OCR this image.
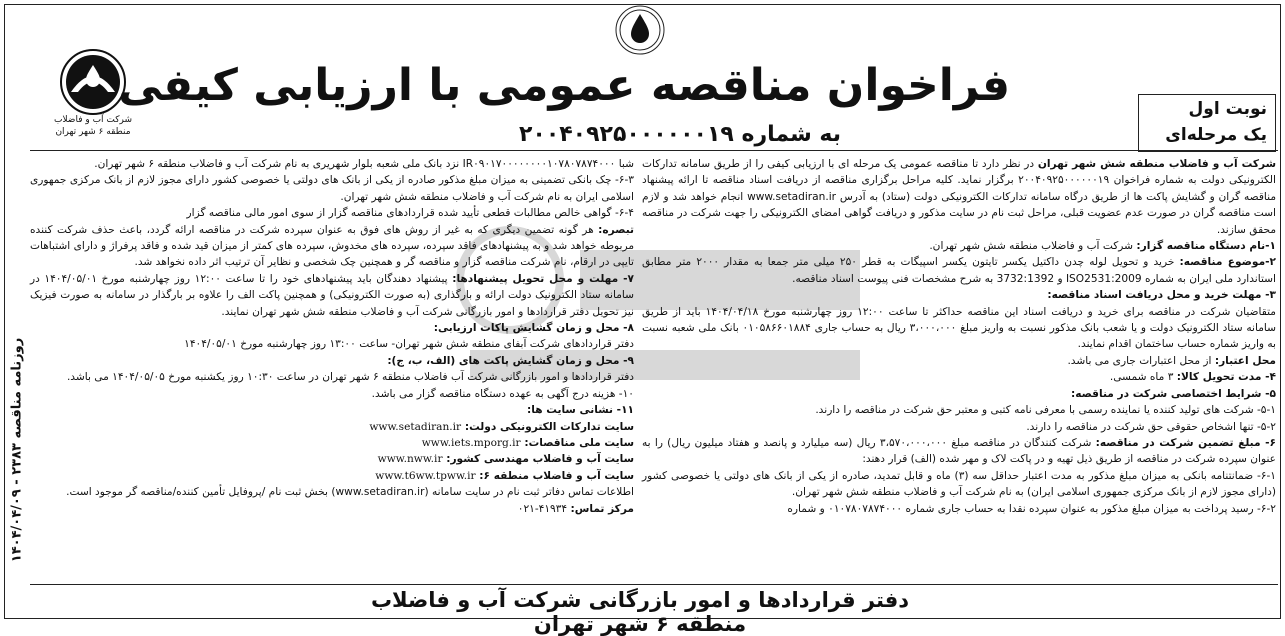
شرکت آب و فاضلاب
منطقه ۶ شهر تهران
فراخوان مناقصه عمومی با ارزیابی کیفی
به شماره ۲۰۰۴۰۹۲۵۰۰۰۰۰۰۱۹
نوبت اول
یک مرحله‌ای

شرکت آب و فاضلاب منطقه شش شهر تهران در نظر دارد تا مناقصه عمومی یک مرحله ای با ارزیابی کیفی را از طریق سامانه تدارکات الکترونیکی دولت به شماره فراخوان ۲۰۰۴۰۹۲۵۰۰۰۰۰۰۱۹ برگزار نماید. کلیه مراحل برگزاری مناقصه از دریافت اسناد مناقصه تا ارائه پیشنهاد مناقصه گران و گشایش پاکت ها از طریق درگاه سامانه تدارکات الکترونیکی دولت (ستاد) به آدرس www.setadiran.ir انجام خواهد شد و لازم است مناقصه گران در صورت عدم عضویت قبلی، مراحل ثبت نام در سایت مذکور و دریافت گواهی امضای الکترونیکی را جهت شرکت در مناقصه محقق سازند.

۱-نام دستگاه مناقصه گزار: شرکت آب و فاضلاب منطقه شش شهر تهران.

۲-موضوع مناقصه: خرید و تحویل لوله چدن داکتیل یکسر تایتون یکسر اسپیگات به قطر ۲۵۰ میلی متر جمعا به مقدار ۲۰۰۰ متر مطابق استاندارد ملی ایران به شماره ISO2531:2009 و 3732:1392 به شرح مشخصات فنی پیوست اسناد مناقصه.

۳- مهلت خرید و محل دریافت اسناد مناقصه:

متقاضیان شرکت در مناقصه برای خرید و دریافت اسناد این مناقصه حداکثر تا ساعت ۱۲:۰۰ روز چهارشنبه مورخ ۱۴۰۴/۰۴/۱۸ باید از طریق سامانه ستاد الکترونیک دولت و یا شعب بانک مذکور نسبت به واریز مبلغ ۳،۰۰۰،۰۰۰ ریال به حساب جاری ۰۱۰۵۸۶۶۰۱۸۸۴ بانک ملی شعبه نسبت به واریز شماره حساب ساختمان اقدام نمایند.

محل اعتبار: از محل اعتبارات جاری می باشد.

۴- مدت تحویل کالا: ۳ ماه شمسی.

۵- شرایط اختصاصی شرکت در مناقصه:

۵-۱- شرکت های تولید کننده یا نماینده رسمی با معرفی نامه کتبی و معتبر حق شرکت در مناقصه را دارند.

۵-۲- تنها اشخاص حقوقی حق شرکت در مناقصه را دارند.

۶- مبلغ تضمین شرکت در مناقصه: شرکت کنندگان در مناقصه مبلغ ۳،۵۷۰،۰۰۰،۰۰۰ ریال (سه میلیارد و پانصد و هفتاد میلیون ریال) را به عنوان سپرده شرکت در مناقصه از طریق ذیل تهیه و در پاکت لاک و مهر شده (الف) قرار دهند:

۶-۱- ضمانتنامه بانکی به میزان مبلغ مذکور به مدت اعتبار حداقل سه (۳) ماه و قابل تمدید، صادره از یکی از بانک های دولتی یا خصوصی کشور (دارای مجوز لازم از بانک مرکزی جمهوری اسلامی ایران) به نام شرکت آب و فاضلاب منطقه شش شهر تهران.

۶-۲- رسید پرداخت به میزان مبلغ مذکور به عنوان سپرده نقدا به حساب جاری شماره ۰۱۰۷۸۰۷۸۷۴۰۰۰ و شماره

شبا IR۰۹۰۱۷۰۰۰۰۰۰۰۰۱۰۷۸۰۷۸۷۴۰۰۰ نزد بانک ملی شعبه بلوار شهریری به نام شرکت آب و فاضلاب منطقه ۶ شهر تهران.

۶-۳- چک بانکی تضمینی به میزان مبلغ مذکور صادره از یکی از بانک های دولتی یا خصوصی کشور دارای مجوز لازم از بانک مرکزی جمهوری اسلامی ایران به نام شرکت آب و فاضلاب منطقه شش شهر تهران.

۶-۴- گواهی خالص مطالبات قطعی تأیید شده قراردادهای مناقصه گزار از سوی امور مالی مناقصه گزار

تبصره: هر گونه تضمین دیگری که به غیر از روش های فوق به عنوان سپرده شرکت در مناقصه ارائه گردد، باعث حذف شرکت کننده مربوطه خواهد شد و به پیشنهادهای فاقد سپرده، سپرده های مخدوش، سپرده های کمتر از میزان قید شده و فاقد پرفراژ و دارای اشتباهات تایپی در ارقام، نام شرکت مناقصه گزار و مناقصه گر و همچنین چک شخصی و نظایر آن ترتیب اثر داده نخواهد شد.

۷- مهلت و محل تحویل پیشنهادها: پیشنهاد دهندگان باید پیشنهادهای خود را تا ساعت ۱۲:۰۰ روز چهارشنبه مورخ ۱۴۰۴/۰۵/۰۱ در سامانه ستاد الکترونیک دولت ارائه و بارگذاری (به صورت الکترونیکی) و همچنین پاکت الف را علاوه بر بارگذار در سامانه به صورت فیزیک نیز تحویل دفتر قراردادها و امور بازرگانی شرکت آب و فاضلاب منطقه شش شهر تهران نمایند.

۸- محل و زمان گشایش پاکات ارزیابی:

دفتر قراردادهای شرکت آبفای منطقه شش شهر تهران- ساعت ۱۳:۰۰ روز چهارشنبه مورخ ۱۴۰۴/۰۵/۰۱

۹- محل و زمان گشایش پاکت های (الف، ب، ج):

دفتر قراردادها و امور بازرگانی شرکت آب فاضلاب منطقه ۶ شهر تهران در ساعت ۱۰:۳۰ روز یکشنبه مورخ ۱۴۰۴/۰۵/۰۵ می باشد.

۱۰- هزینه درج آگهی به عهده دستگاه مناقصه گزار می باشد.

۱۱- نشانی سایت ها:

سایت تدارکات الکترونیکی دولت: www.setadiran.ir

سایت ملی مناقصات: www.iets.mporg.ir

سایت آب و فاضلاب مهندسی کشور: www.nww.ir

سایت آب و فاضلاب منطقه ۶: www.t6ww.tpww.ir

اطلاعات تماس دفاتر ثبت نام در سایت سامانه (www.setadiran.ir) بخش ثبت نام /پروفایل تأمین کننده/مناقصه گر موجود است.

مرکز تماس: ۴۱۹۳۴-۰۲۱

روزنامه مناقصه ۲۳۸۳ - ۱۴۰۴/۰۴/۰۹
دفتر قراردادها و امور بازرگانی شرکت آب و فاضلاب منطقه ۶ شهر تهران
